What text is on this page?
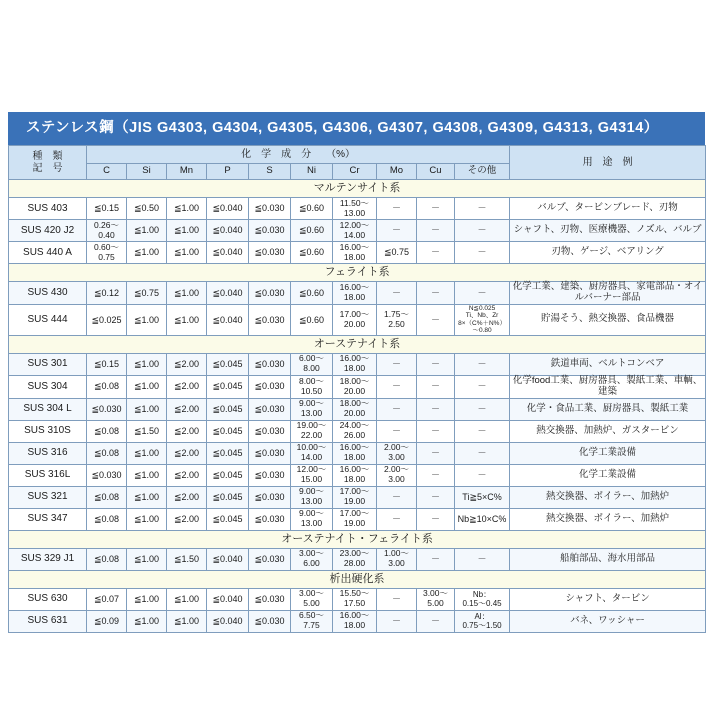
ステンレス鋼（JIS G4303, G4304, G4305, G4306, G4307, G4308, G4309, G4313, G4314）
種　類
記　号	化　学　成　分　　（%）										用　途　例
	C	Si	Mn	P	S	Ni	Cr	Mo	Cu	その他	
マルテンサイト系											
SUS 403	≦0.15	≦0.50	≦1.00	≦0.040	≦0.030	≦0.60	11.50～
13.00	－	－	－	バルブ、タービンブレード、刃物
SUS 420 J2	0.26～
0.40	≦1.00	≦1.00	≦0.040	≦0.030	≦0.60	12.00～
14.00	－	－	－	シャフト、刃物、医療機器、ノズル、バルブ
SUS 440 A	0.60～
0.75	≦1.00	≦1.00	≦0.040	≦0.030	≦0.60	16.00～
18.00	≦0.75	－	－	刃物、ゲージ、ベアリング
フェライト系											
SUS 430	≦0.12	≦0.75	≦1.00	≦0.040	≦0.030	≦0.60	16.00～
18.00	－	－	－	化学工業、建築、厨房器具、家電部品・オイルバーナー部品
SUS 444	≦0.025	≦1.00	≦1.00	≦0.040	≦0.030	≦0.60	17.00～
20.00	1.75～
2.50	－	N≦0.025
Ti、Nb、Zr
8×（C%＋N%）～0.80	貯湯そう、熱交換器、食品機器
オーステナイト系											
SUS 301	≦0.15	≦1.00	≦2.00	≦0.045	≦0.030	6.00～
8.00	16.00～
18.00	－	－	－	鉄道車両、ベルトコンベア
SUS 304	≦0.08	≦1.00	≦2.00	≦0.045	≦0.030	8.00～
10.50	18.00～
20.00	－	－	－	化学food工業、厨房器具、製紙工業、車輌、建築
SUS 304 L	≦0.030	≦1.00	≦2.00	≦0.045	≦0.030	9.00～
13.00	18.00～
20.00	－	－	－	化学・食品工業、厨房器具、製紙工業
SUS 310S	≦0.08	≦1.50	≦2.00	≦0.045	≦0.030	19.00～
22.00	24.00～
26.00	－	－	－	熱交換器、加熱炉、ガスタービン
SUS 316	≦0.08	≦1.00	≦2.00	≦0.045	≦0.030	10.00～
14.00	16.00～
18.00	2.00～
3.00	－	－	化学工業設備
SUS 316L	≦0.030	≦1.00	≦2.00	≦0.045	≦0.030	12.00～
15.00	16.00～
18.00	2.00～
3.00	－	－	化学工業設備
SUS 321	≦0.08	≦1.00	≦2.00	≦0.045	≦0.030	9.00～
13.00	17.00～
19.00	－	－	Ti≧5×C%	熱交換器、ボイラー、加熱炉
SUS 347	≦0.08	≦1.00	≦2.00	≦0.045	≦0.030	9.00～
13.00	17.00～
19.00	－	－	Nb≧10×C%	熱交換器、ボイラー、加熱炉
オーステナイト・フェライト系											
SUS 329 J1	≦0.08	≦1.00	≦1.50	≦0.040	≦0.030	3.00～
6.00	23.00～
28.00	1.00～
3.00	－	－	船舶部品、海水用部品
析出硬化系											
SUS 630	≦0.07	≦1.00	≦1.00	≦0.040	≦0.030	3.00～
5.00	15.50～
17.50	－	3.00～
5.00	Nb：
0.15～0.45	シャフト、タービン
SUS 631	≦0.09	≦1.00	≦1.00	≦0.040	≦0.030	6.50～
7.75	16.00～
18.00	－	－	Al：
0.75～1.50	バネ、ワッシャー
